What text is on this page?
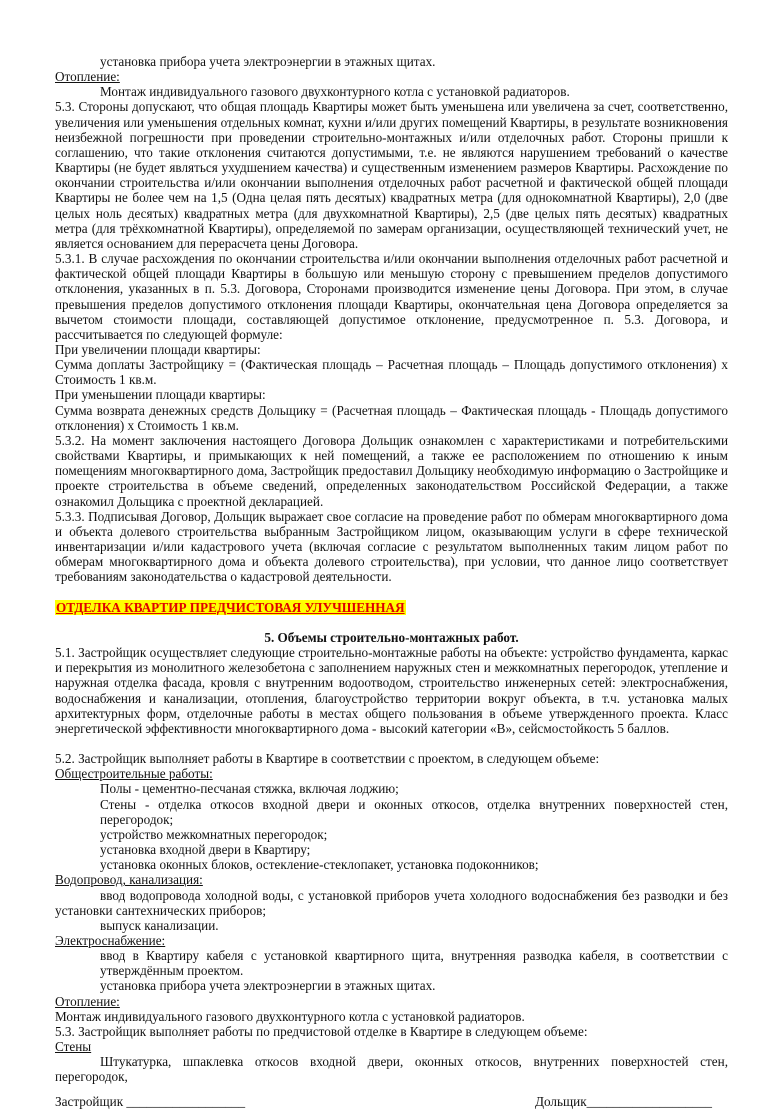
установка прибора учета электроэнергии в этажных щитах.
Отопление:
Монтаж индивидуального газового двухконтурного котла с установкой радиаторов.
5.3. Стороны допускают, что общая площадь Квартиры может быть уменьшена или увеличена за счет, соответственно, увеличения или уменьшения отдельных комнат, кухни и/или других помещений Квартиры, в результате возникновения неизбежной погрешности при проведении строительно-монтажных и/или отделочных работ. Стороны пришли к соглашению, что такие отклонения считаются допустимыми, т.е. не являются нарушением требований о качестве Квартиры (не будет являться ухудшением качества) и существенным изменением размеров Квартиры. Расхождение по окончании строительства и/или окончании выполнения отделочных работ расчетной и фактической общей площади Квартиры не более чем на 1,5 (Одна целая пять десятых) квадратных метра (для однокомнатной Квартиры), 2,0 (две целых ноль десятых) квадратных метра (для двухкомнатной Квартиры), 2,5 (две целых пять десятых) квадратных метра (для трёхкомнатной Квартиры), определяемой по замерам организации, осуществляющей технический учет, не является основанием для перерасчета цены Договора.
5.3.1. В случае расхождения по окончании строительства и/или окончании выполнения отделочных работ расчетной и фактической общей площади Квартиры в большую или меньшую сторону с превышением пределов допустимого отклонения, указанных в п. 5.3. Договора, Сторонами производится изменение цены Договора. При этом, в случае превышения пределов допустимого отклонения площади Квартиры, окончательная цена Договора определяется за вычетом стоимости площади, составляющей допустимое отклонение, предусмотренное п. 5.3. Договора, и рассчитывается по следующей формуле:
При увеличении площади квартиры:
Сумма доплаты Застройщику = (Фактическая площадь – Расчетная площадь – Площадь допустимого отклонения) х Стоимость 1 кв.м.
При уменьшении площади квартиры:
Сумма возврата денежных средств Дольщику = (Расчетная площадь – Фактическая площадь - Площадь допустимого отклонения) х Стоимость 1 кв.м.
5.3.2. На момент заключения настоящего Договора Дольщик ознакомлен с характеристиками и потребительскими свойствами Квартиры, и примыкающих к ней помещений, а также ее расположением по отношению к иным помещениям многоквартирного дома, Застройщик предоставил Дольщику необходимую информацию о Застройщике и проекте строительства в объеме сведений, определенных законодательством Российской Федерации, а также ознакомил Дольщика с проектной декларацией.
5.3.3. Подписывая Договор, Дольщик выражает свое согласие на проведение работ по обмерам многоквартирного дома и объекта долевого строительства выбранным Застройщиком лицом, оказывающим услуги в сфере технической инвентаризации и/или кадастрового учета (включая согласие с результатом выполненных таким лицом работ по обмерам многоквартирного дома и объекта долевого строительства), при условии, что данное лицо соответствует требованиям законодательства о кадастровой деятельности.
ОТДЕЛКА КВАРТИР ПРЕДЧИСТОВАЯ УЛУЧШЕННАЯ
5. Объемы строительно-монтажных работ.
5.1. Застройщик осуществляет следующие строительно-монтажные работы на объекте: устройство фундамента, каркас и перекрытия из монолитного железобетона с заполнением наружных стен и межкомнатных перегородок, утепление и наружная отделка фасада, кровля с внутренним водоотводом, строительство инженерных сетей: электроснабжения, водоснабжения и канализации, отопления, благоустройство территории вокруг объекта, в т.ч. установка малых архитектурных форм, отделочные работы в местах общего пользования в объеме утвержденного проекта. Класс энергетической эффективности многоквартирного дома - высокий категории «В», сейсмостойкость 5 баллов.
5.2. Застройщик выполняет работы в Квартире в соответствии с проектом, в следующем объеме:
Общестроительные работы:
Полы - цементно-песчаная стяжка, включая лоджию;
Стены - отделка откосов входной двери и оконных откосов, отделка внутренних поверхностей стен, перегородок;
устройство межкомнатных перегородок;
установка входной двери в Квартиру;
установка оконных блоков, остекление-стеклопакет, установка подоконников;
Водопровод, канализация:
ввод водопровода холодной воды, с установкой приборов учета холодного водоснабжения без разводки и без установки сантехнических приборов;
выпуск канализации.
Электроснабжение:
ввод в Квартиру кабеля с установкой квартирного щита, внутренняя разводка кабеля, в соответствии с утверждённым проектом.
установка прибора учета электроэнергии в этажных щитах.
Отопление:
Монтаж индивидуального газового двухконтурного котла с установкой радиаторов.
5.3. Застройщик выполняет работы по предчистовой отделке в Квартире в следующем объеме:
Стены
Штукатурка, шпаклевка откосов входной двери, оконных откосов, внутренних поверхностей стен, перегородок,
Застройщик __________________	Дольщик___________________
